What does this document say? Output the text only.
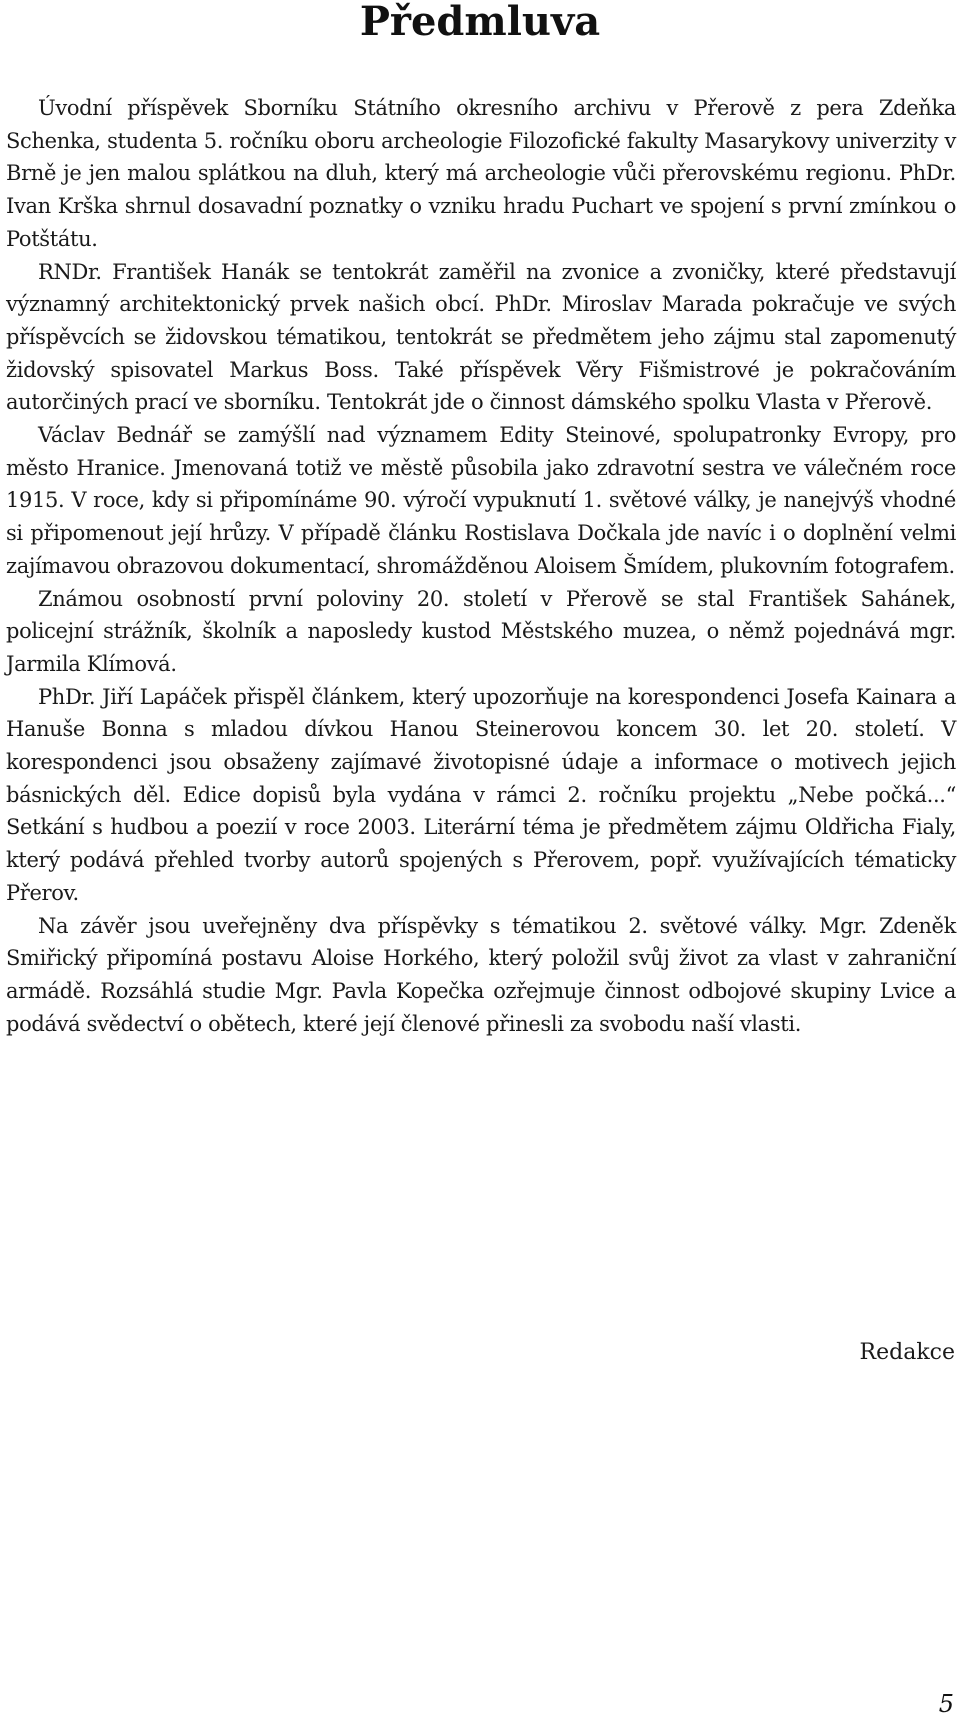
Předmluva

Úvodní příspěvek Sborníku Státního okresního archivu v Přerově z pera Zdeňka Schenka, studenta 5. ročníku oboru archeologie Filozofické fakulty Masarykovy univerzity v Brně je jen malou splátkou na dluh, který má archeologie vůči přerovskému regionu. PhDr. Ivan Krška shrnul dosavadní poznatky o vzniku hradu Puchart ve spojení s první zmínkou o Potštátu.

RNDr. František Hanák se tentokrát zaměřil na zvonice a zvoničky, které představují významný architektonický prvek našich obcí. PhDr. Miroslav Marada pokračuje ve svých příspěvcích se židovskou tématikou, tentokrát se předmětem jeho zájmu stal zapomenutý židovský spisovatel Markus Boss. Také příspěvek Věry Fišmistrové je pokračováním autorčiných prací ve sborníku. Tentokrát jde o činnost dámského spolku Vlasta v Přerově.

Václav Bednář se zamýšlí nad významem Edity Steinové, spolupatronky Evropy, pro město Hranice. Jmenovaná totiž ve městě působila jako zdravotní sestra ve válečném roce 1915. V roce, kdy si připomínáme 90. výročí vypuknutí 1. světové války, je nanejvýš vhodné si připomenout její hrůzy. V případě článku Rostislava Dočkala jde navíc i o doplnění velmi zajímavou obrazovou dokumentací, shromážděnou Aloisem Šmídem, plukovním fotografem.

Známou osobností první poloviny 20. století v Přerově se stal František Sahánek, policejní strážník, školník a naposledy kustod Městského muzea, o němž pojednává mgr. Jarmila Klímová.

PhDr. Jiří Lapáček přispěl článkem, který upozorňuje na korespondenci Josefa Kainara a Hanuše Bonna s mladou dívkou Hanou Steinerovou koncem 30. let 20. století. V korespondenci jsou obsaženy zajímavé životopisné údaje a informace o motivech jejich básnických děl. Edice dopisů byla vydána v rámci 2. ročníku projektu „Nebe počká...“ Setkání s hudbou a poezií v roce 2003. Literární téma je předmětem zájmu Oldřicha Fialy, který podává přehled tvorby autorů spojených s Přerovem, popř. využívajících tématicky Přerov.

Na závěr jsou uveřejněny dva příspěvky s tématikou 2. světové války. Mgr. Zdeněk Smiřický připomíná postavu Aloise Horkého, který položil svůj život za vlast v zahraniční armádě. Rozsáhlá studie Mgr. Pavla Kopečka ozřejmuje činnost odbojové skupiny Lvice a podává svědectví o obětech, které její členové přinesli za svobodu naší vlasti.

Redakce

5
